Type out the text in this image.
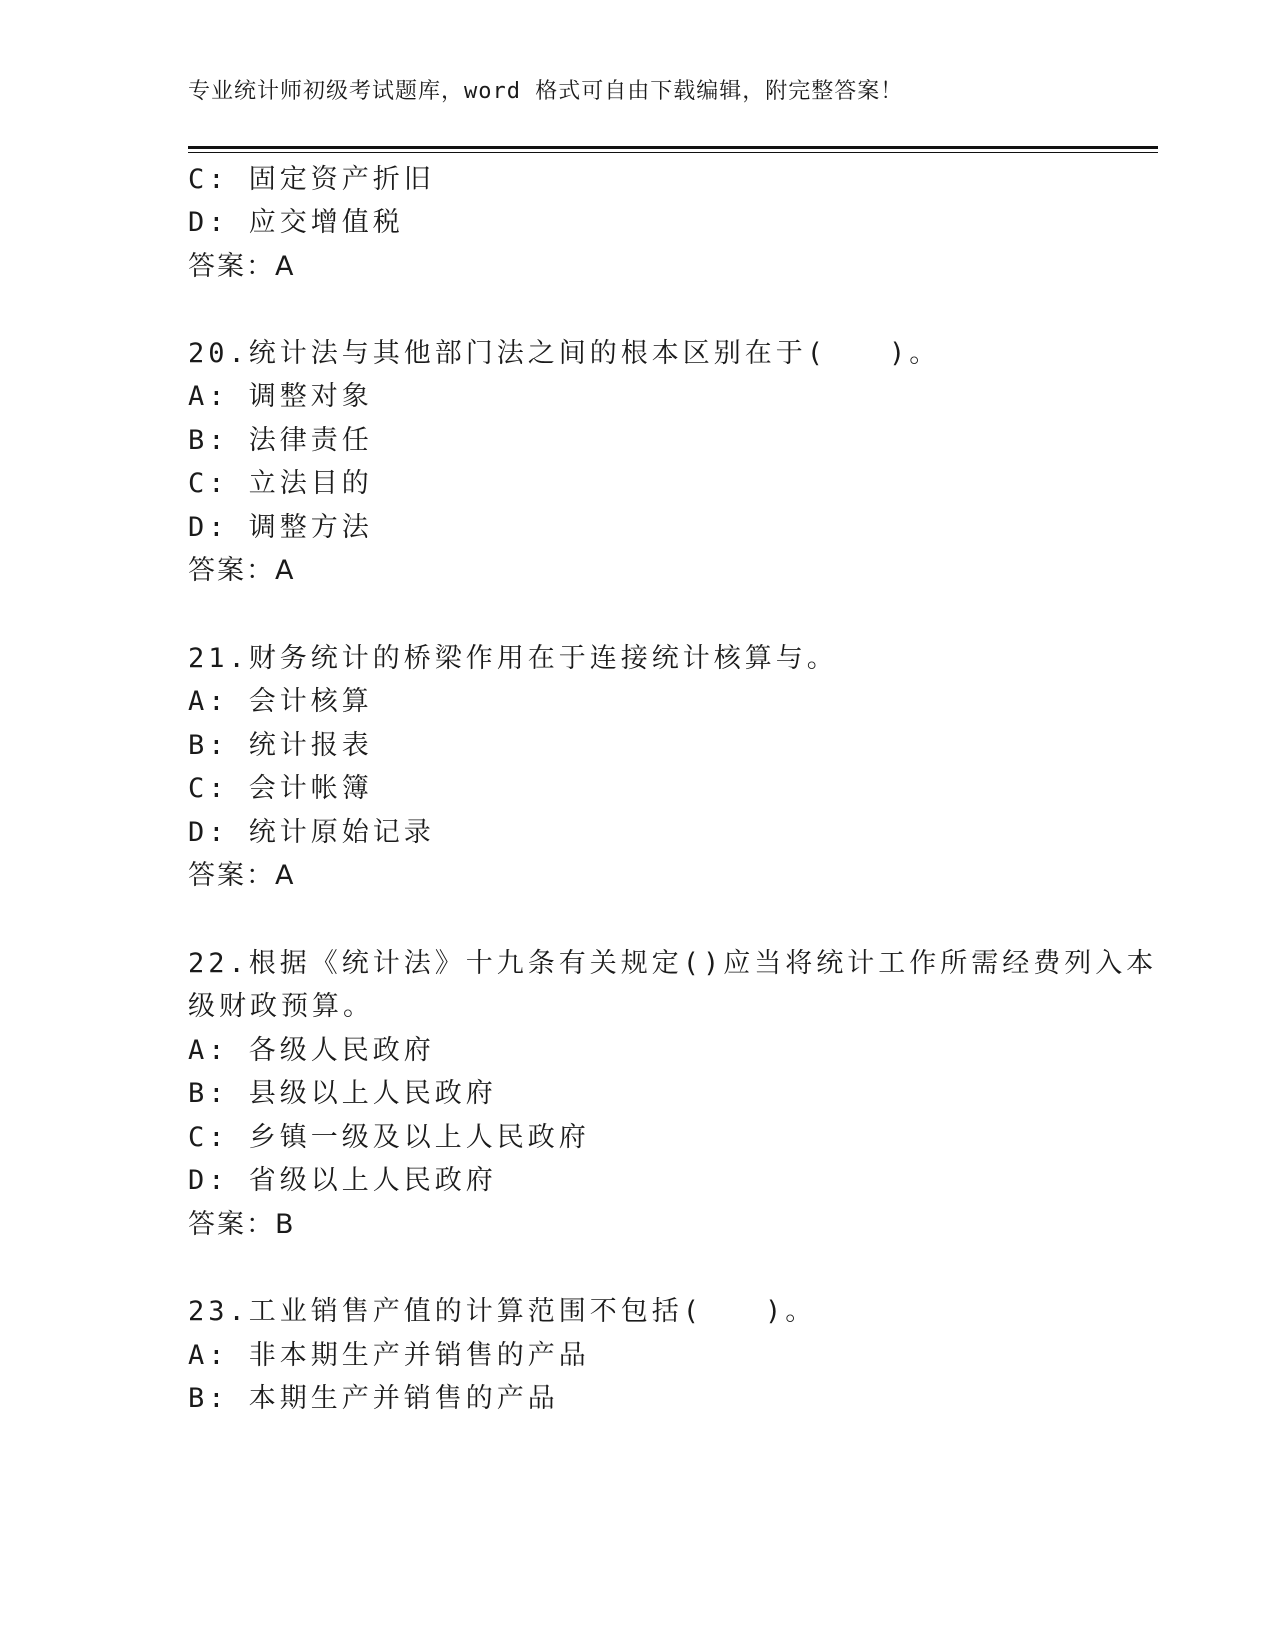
专业统计师初级考试题库，word 格式可自由下载编辑，附完整答案！
C: 固定资产折旧
D: 应交增值税
答案：A
20.统计法与其他部门法之间的根本区别在于(　　)。
A: 调整对象
B: 法律责任
C: 立法目的
D: 调整方法
答案：A
21.财务统计的桥梁作用在于连接统计核算与。
A: 会计核算
B: 统计报表
C: 会计帐簿
D: 统计原始记录
答案：A
22.根据《统计法》十九条有关规定()应当将统计工作所需经费列入本
级财政预算。
A: 各级人民政府
B: 县级以上人民政府
C: 乡镇一级及以上人民政府
D: 省级以上人民政府
答案：B
23.工业销售产值的计算范围不包括(　　)。
A: 非本期生产并销售的产品
B: 本期生产并销售的产品
